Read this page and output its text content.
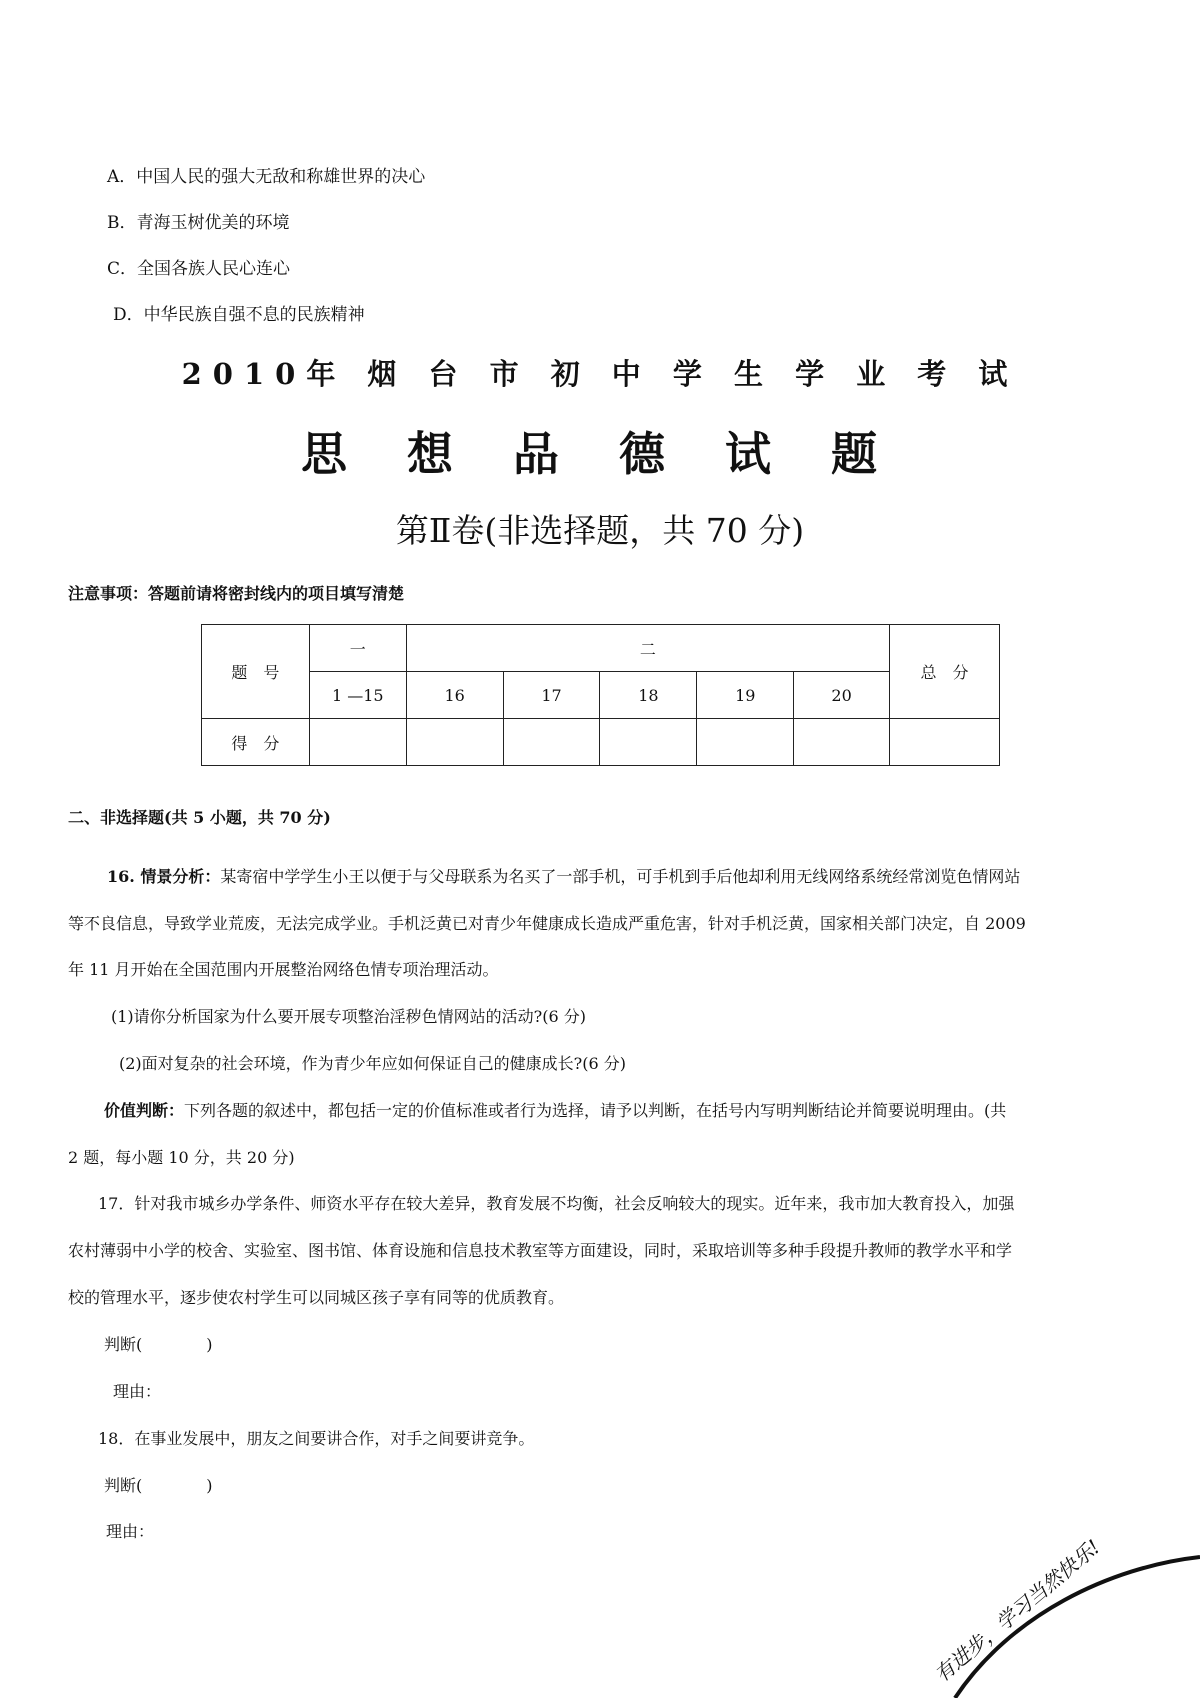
A．中国人民的强大无敌和称雄世界的决心
B．青海玉树优美的环境
C．全国各族人民心连心
D．中华民族自强不息的民族精神
2010年 烟 台 市 初 中 学 生 学 业 考 试
思 想 品 德 试 题
第Ⅱ卷(非选择题，共 70 分)
注意事项：答题前请将密封线内的项目填写清楚
题　号	一	二					总　分
	1 —15	16	17	18	19	20	
得　分							
二、非选择题(共 5 小题，共 70 分)
16. 情景分析：某寄宿中学学生小王以便于与父母联系为名买了一部手机，可手机到手后他却利用无线网络系统经常浏览色情网站
等不良信息，导致学业荒废，无法完成学业。手机泛黄已对青少年健康成长造成严重危害，针对手机泛黄，国家相关部门决定，自 2009
年 11 月开始在全国范围内开展整治网络色情专项治理活动。
(1)请你分析国家为什么要开展专项整治淫秽色情网站的活动?(6 分)
(2)面对复杂的社会环境，作为青少年应如何保证自己的健康成长?(6 分)
价值判断：下列各题的叙述中，都包括一定的价值标准或者行为选择，请予以判断，在括号内写明判断结论并简要说明理由。(共
2 题，每小题 10 分，共 20 分)
17．针对我市城乡办学条件、师资水平存在较大差异，教育发展不均衡，社会反响较大的现实。近年来，我市加大教育投入，加强
农村薄弱中小学的校舍、实验室、图书馆、体育设施和信息技术教室等方面建设，同时，采取培训等多种手段提升教师的教学水平和学
校的管理水平，逐步使农村学生可以同城区孩子享有同等的优质教育。
判断(　　　　)
理由：
18．在事业发展中，朋友之间要讲合作，对手之间要讲竞争。
判断(　　　　)
理由：
有进步，学习当然快乐!
